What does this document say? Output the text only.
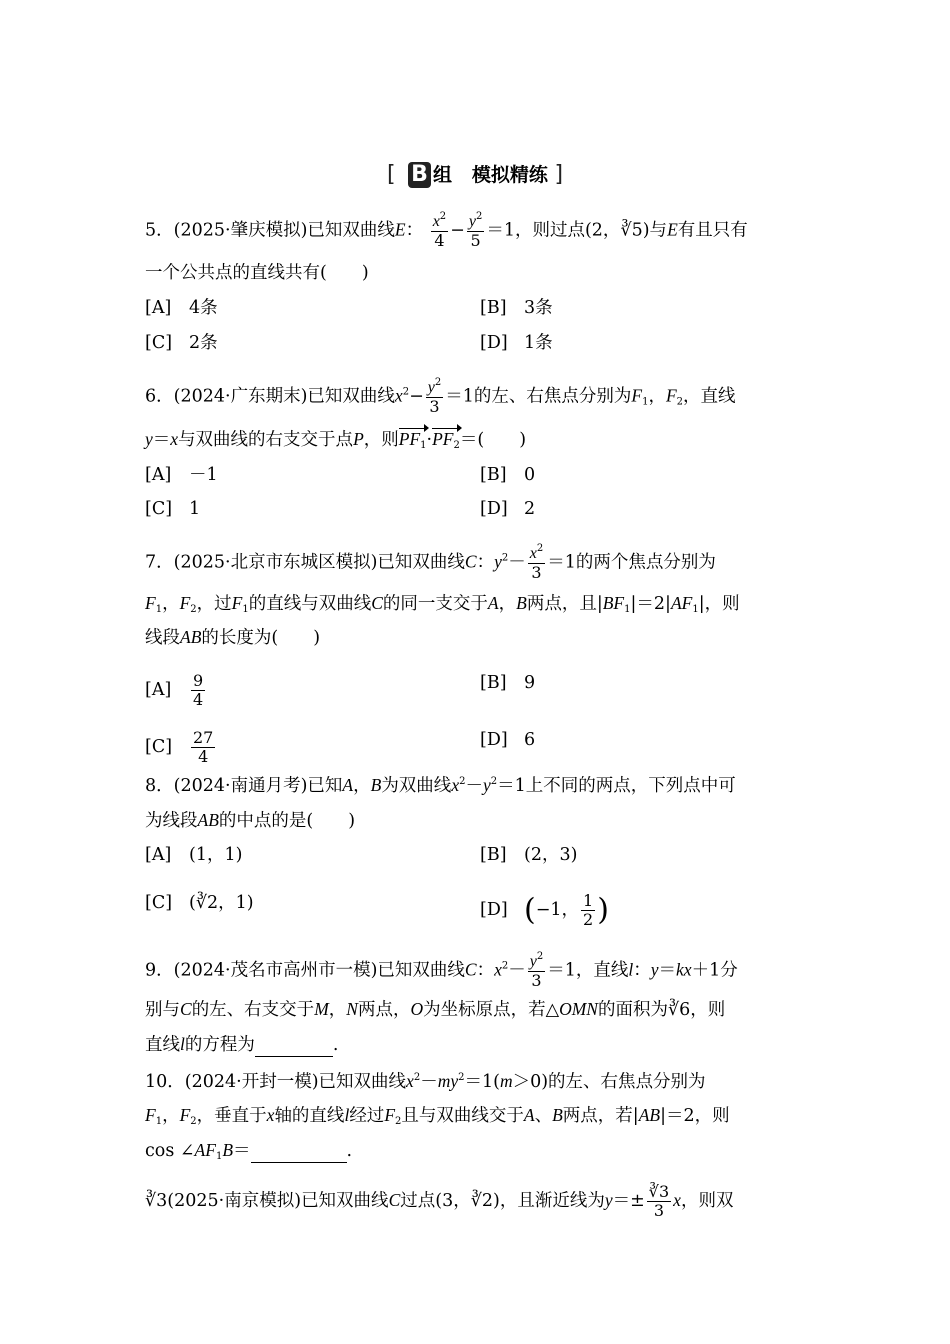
[ B 组 模拟精练 ]
5．(2025·肇庆模拟)已知双曲线E： $\frac{x^2}{4} - \frac{y^2}{5} =1$，则过点(2，∛5)与E有且只有
一个公共点的直线共有(　　)
[A] 4条	[B] 3条
[C] 2条	[D] 1条
6．(2024·广东期末)已知双曲线$x^2- \frac{y^2}{3} =1$的左、右焦点分别为$F_1$，$F_2$，直线
y＝x与双曲线的右支交于点P，则$PF_1\cdot PF_2=$(　　)
[A] －1	[B] 0
[C] 1	[D] 2
7．(2025·北京市东城区模拟)已知双曲线C：$y^2- \frac{x^2}{3} =1$的两个焦点分别为
$F_1$，$F_2$，过$F_1$的直线与双曲线C的同一支交于A，B两点，且$|BF_1|=2|AF_1|$，则
线段AB的长度为(　　)
$[A] \frac{9}{4}$	[B] 9
$[C] \frac{27}{4}$	[D] 6
8．(2024·南通月考)已知A，B为双曲线$x^2-y^2=1$上不同的两点，下列点中可
为线段AB的中点的是(　　)
[A] (1，1)	[B] (2，3)
[C] (∛2，1)	[D] (−1， $\frac{1}{2}$ )
9．(2024·茂名市高州市一模)已知双曲线C：$x^2- \frac{y^2}{3} =1$，直线l：y＝kx＋1分
别与C的左、右支交于M，N两点，O为坐标原点，若△OMN的面积为∛6，则
直线l的方程为	.
10．(2024·开封一模)已知双曲线$x^2-my^2=1(m>0)$的左、右焦点分别为
$F_1$，$F_2$，垂直于x轴的直线l经过$F_2$且与双曲线交于A、B两点，若|AB|＝2，则
$\cos \angle AF_1B=$	.
∛3(2025·南京模拟)已知双曲线C过点(3，∛2)，且渐近线为$y=\pm \frac{∛3}{3}$ x，则双
